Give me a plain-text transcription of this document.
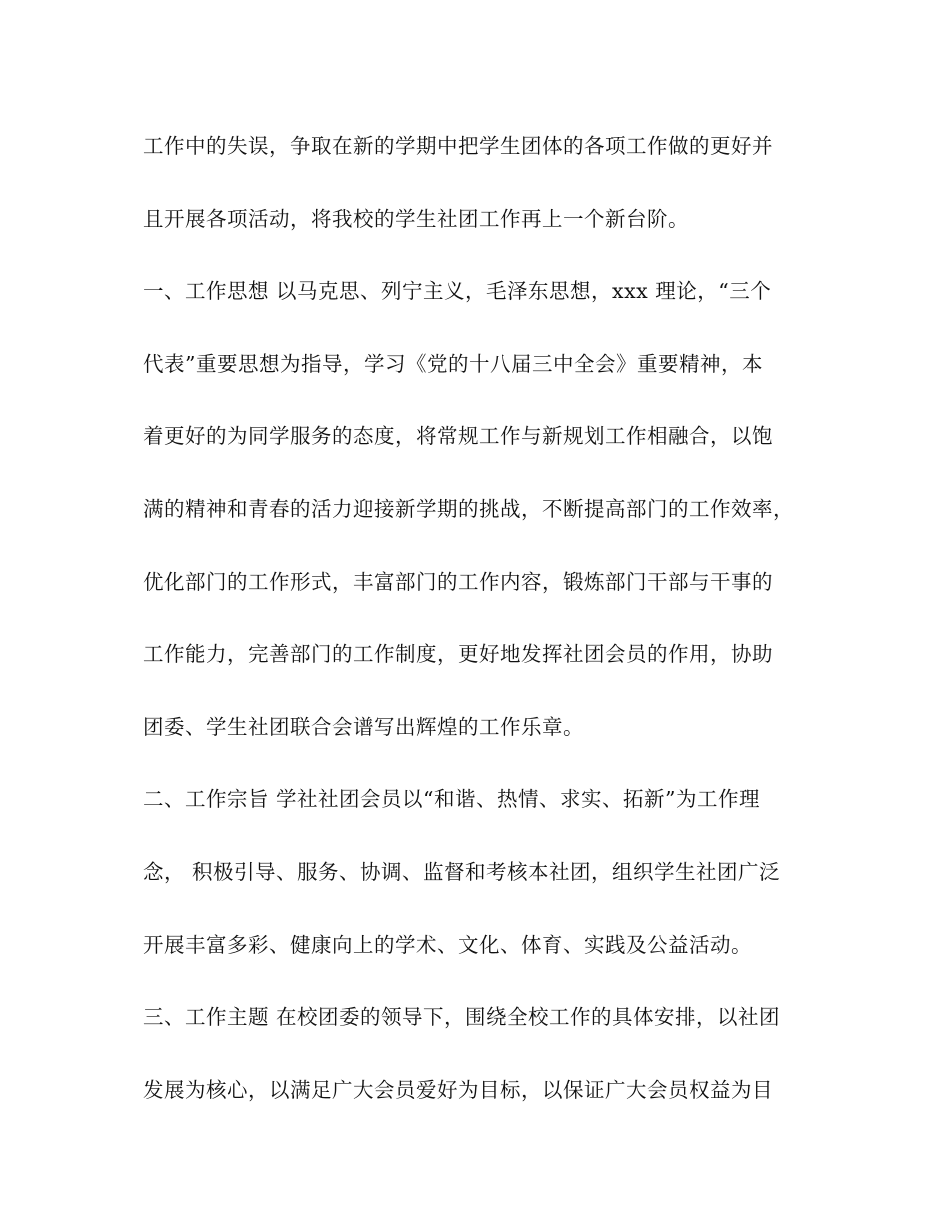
工作中的失误，争取在新的学期中把学生团体的各项工作做的更好并
且开展各项活动，将我校的学生社团工作再上一个新台阶。
一、工作思想 以马克思、列宁主义，毛泽东思想，xxx 理论，“三个
代表”重要思想为指导，学习《党的十八届三中全会》重要精神，本
着更好的为同学服务的态度，将常规工作与新规划工作相融合，以饱
满的精神和青春的活力迎接新学期的挑战，不断提高部门的工作效率，
优化部门的工作形式，丰富部门的工作内容，锻炼部门干部与干事的
工作能力，完善部门的工作制度，更好地发挥社团会员的作用，协助
团委、学生社团联合会谱写出辉煌的工作乐章。
二、工作宗旨 学社社团会员以“和谐、热情、求实、拓新”为工作理
念， 积极引导、服务、协调、监督和考核本社团，组织学生社团广泛
开展丰富多彩、健康向上的学术、文化、体育、实践及公益活动。
三、工作主题 在校团委的领导下，围绕全校工作的具体安排，以社团
发展为核心，以满足广大会员爱好为目标，以保证广大会员权益为目
